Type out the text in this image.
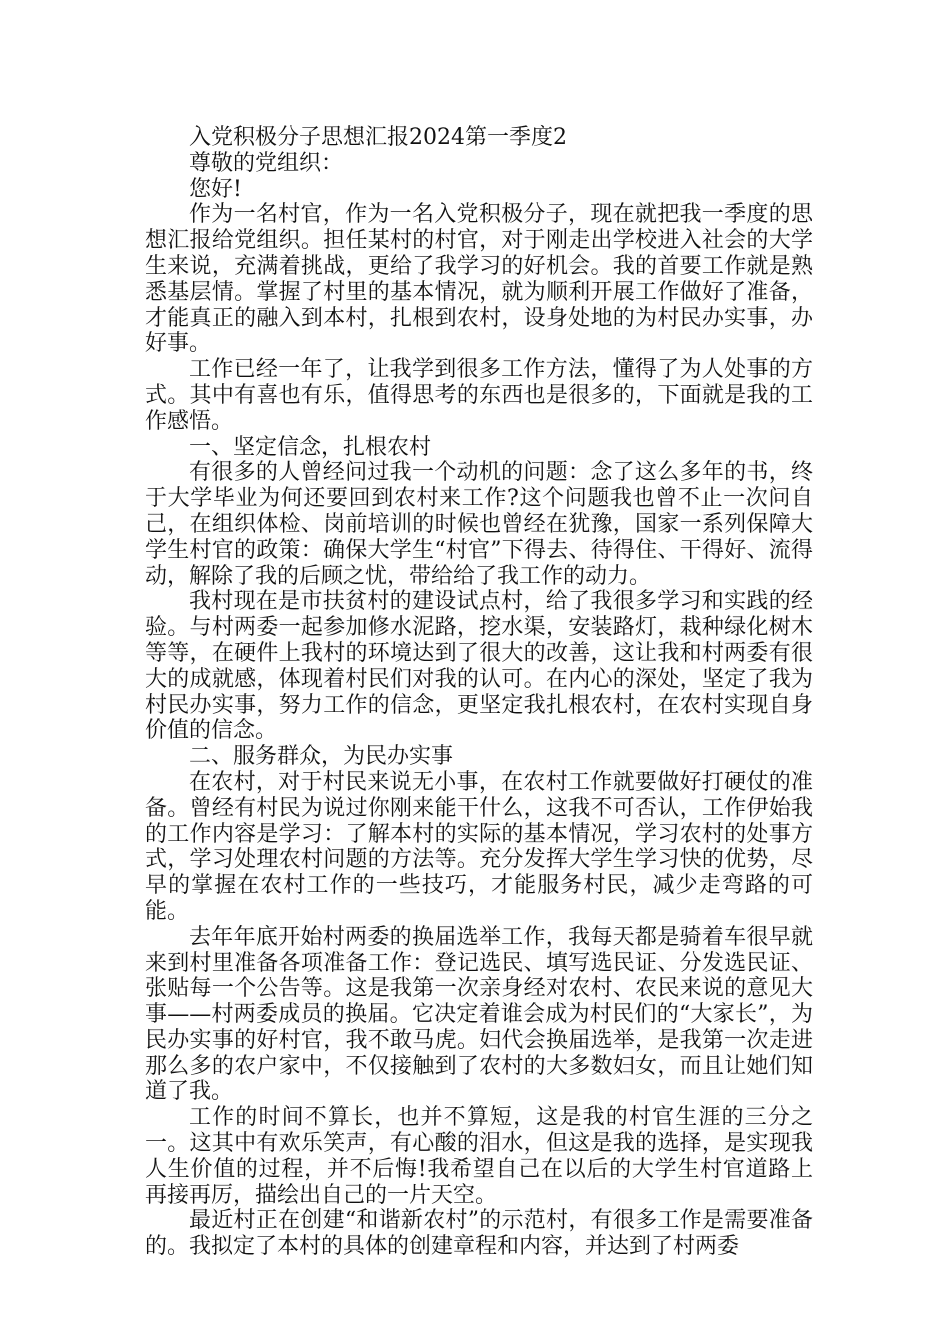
入党积极分子思想汇报2024第一季度2

尊敬的党组织：

您好!

作为一名村官，作为一名入党积极分子，现在就把我一季度的思想汇报给党组织。担任某村的村官，对于刚走出学校进入社会的大学生来说，充满着挑战，更给了我学习的好机会。我的首要工作就是熟悉基层情。掌握了村里的基本情况，就为顺利开展工作做好了准备，才能真正的融入到本村，扎根到农村，设身处地的为村民办实事，办好事。

工作已经一年了，让我学到很多工作方法，懂得了为人处事的方式。其中有喜也有乐，值得思考的东西也是很多的，下面就是我的工作感悟。

一、坚定信念，扎根农村

有很多的人曾经问过我一个动机的问题：念了这么多年的书，终于大学毕业为何还要回到农村来工作?这个问题我也曾不止一次问自己，在组织体检、岗前培训的时候也曾经在犹豫，国家一系列保障大学生村官的政策：确保大学生“村官”下得去、待得住、干得好、流得动，解除了我的后顾之忧，带给给了我工作的动力。

我村现在是市扶贫村的建设试点村，给了我很多学习和实践的经验。与村两委一起参加修水泥路，挖水渠，安装路灯，栽种绿化树木等等，在硬件上我村的环境达到了很大的改善，这让我和村两委有很大的成就感，体现着村民们对我的认可。在内心的深处，坚定了我为村民办实事，努力工作的信念，更坚定我扎根农村，在农村实现自身价值的信念。

二、服务群众，为民办实事

在农村，对于村民来说无小事，在农村工作就要做好打硬仗的准备。曾经有村民为说过你刚来能干什么，这我不可否认，工作伊始我的工作内容是学习：了解本村的实际的基本情况，学习农村的处事方式，学习处理农村问题的方法等。充分发挥大学生学习快的优势，尽早的掌握在农村工作的一些技巧，才能服务村民，减少走弯路的可能。

去年年底开始村两委的换届选举工作，我每天都是骑着车很早就来到村里准备各项准备工作：登记选民、填写选民证、分发选民证、张贴每一个公告等。这是我第一次亲身经对农村、农民来说的意见大事——村两委成员的换届。它决定着谁会成为村民们的“大家长”，为民办实事的好村官，我不敢马虎。妇代会换届选举，是我第一次走进那么多的农户家中，不仅接触到了农村的大多数妇女，而且让她们知道了我。

工作的时间不算长，也并不算短，这是我的村官生涯的三分之一。这其中有欢乐笑声，有心酸的泪水，但这是我的选择，是实现我人生价值的过程，并不后悔!我希望自己在以后的大学生村官道路上再接再厉，描绘出自己的一片天空。

最近村正在创建“和谐新农村”的示范村，有很多工作是需要准备的。我拟定了本村的具体的创建章程和内容，并达到了村两委
